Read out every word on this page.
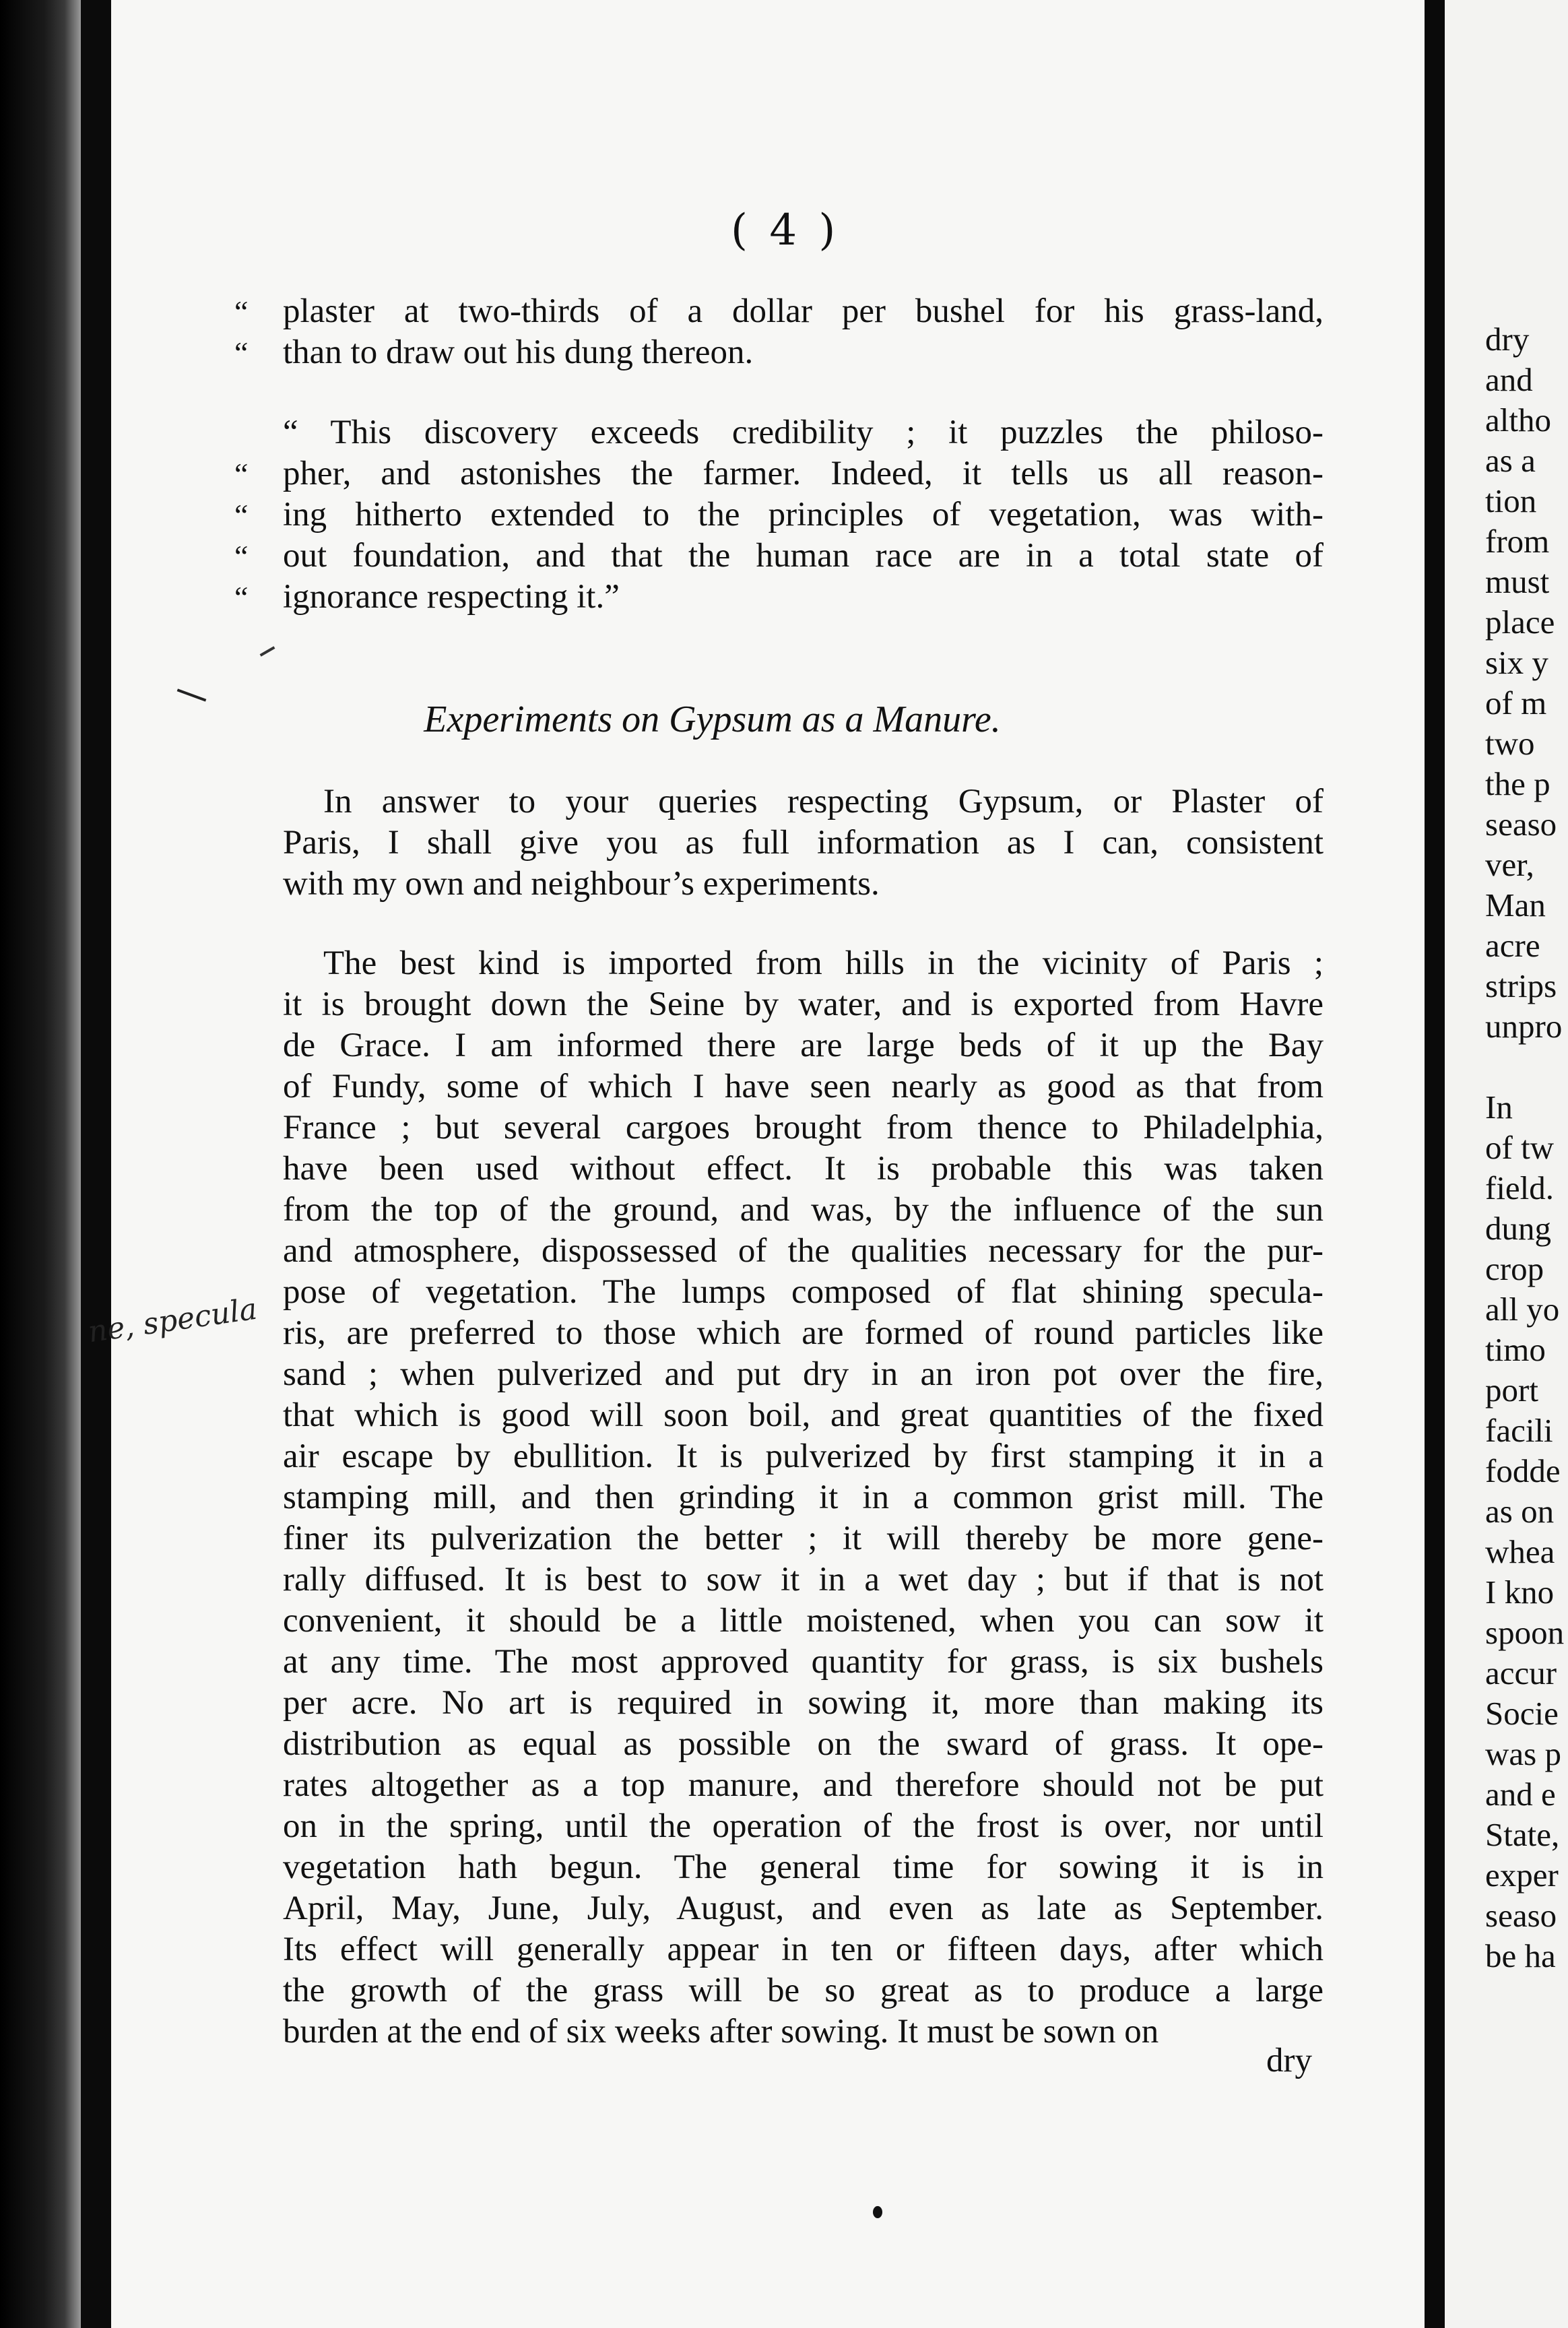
( 4 )
“ plaster at two-thirds of a dollar per bushel for his grass-land,
“ than to draw out his dung thereon.
“ This discovery exceeds credibility ; it puzzles the philoso-
“ pher, and astonishes the farmer. Indeed, it tells us all reason-
“ ing hitherto extended to the principles of vegetation, was with-
“ out foundation, and that the human race are in a total state of
“ ignorance respecting it.”
Experiments on Gypsum as a Manure.
In answer to your queries respecting Gypsum, or Plaster of
Paris, I shall give you as full information as I can, consistent
with my own and neighbour’s experiments.
The best kind is imported from hills in the vicinity of Paris ;
it is brought down the Seine by water, and is exported from Havre
de Grace. I am informed there are large beds of it up the Bay
of Fundy, some of which I have seen nearly as good as that from
France ; but several cargoes brought from thence to Philadelphia,
have been used without effect. It is probable this was taken
from the top of the ground, and was, by the influence of the sun
and atmosphere, dispossessed of the qualities necessary for the pur-
pose of vegetation. The lumps composed of flat shining specula-
ris, are preferred to those which are formed of round particles like
sand ; when pulverized and put dry in an iron pot over the fire,
that which is good will soon boil, and great quantities of the fixed
air escape by ebullition. It is pulverized by first stamping it in a
stamping mill, and then grinding it in a common grist mill. The
finer its pulverization the better ; it will thereby be more gene-
rally diffused. It is best to sow it in a wet day ; but if that is not
convenient, it should be a little moistened, when you can sow it
at any time. The most approved quantity for grass, is six bushels
per acre. No art is required in sowing it, more than making its
distribution as equal as possible on the sward of grass. It ope-
rates altogether as a top manure, and therefore should not be put
on in the spring, until the operation of the frost is over, nor until
vegetation hath begun. The general time for sowing it is in
April, May, June, July, August, and even as late as September.
Its effect will generally appear in ten or fifteen days, after which
the growth of the grass will be so great as to produce a large
burden at the end of six weeks after sowing. It must be sown on
dry
ne, specula
dry
and
altho
as a
tion
from
must
place
six y
of m
two
the p
seaso
ver,
Man
acre
strips
unpro
In
of tw
field.
dung
crop
all yo
timo
port
facili
fodde
as on
whea
I kno
spoon
accur
Socie
was p
and e
State,
exper
seaso
be ha
